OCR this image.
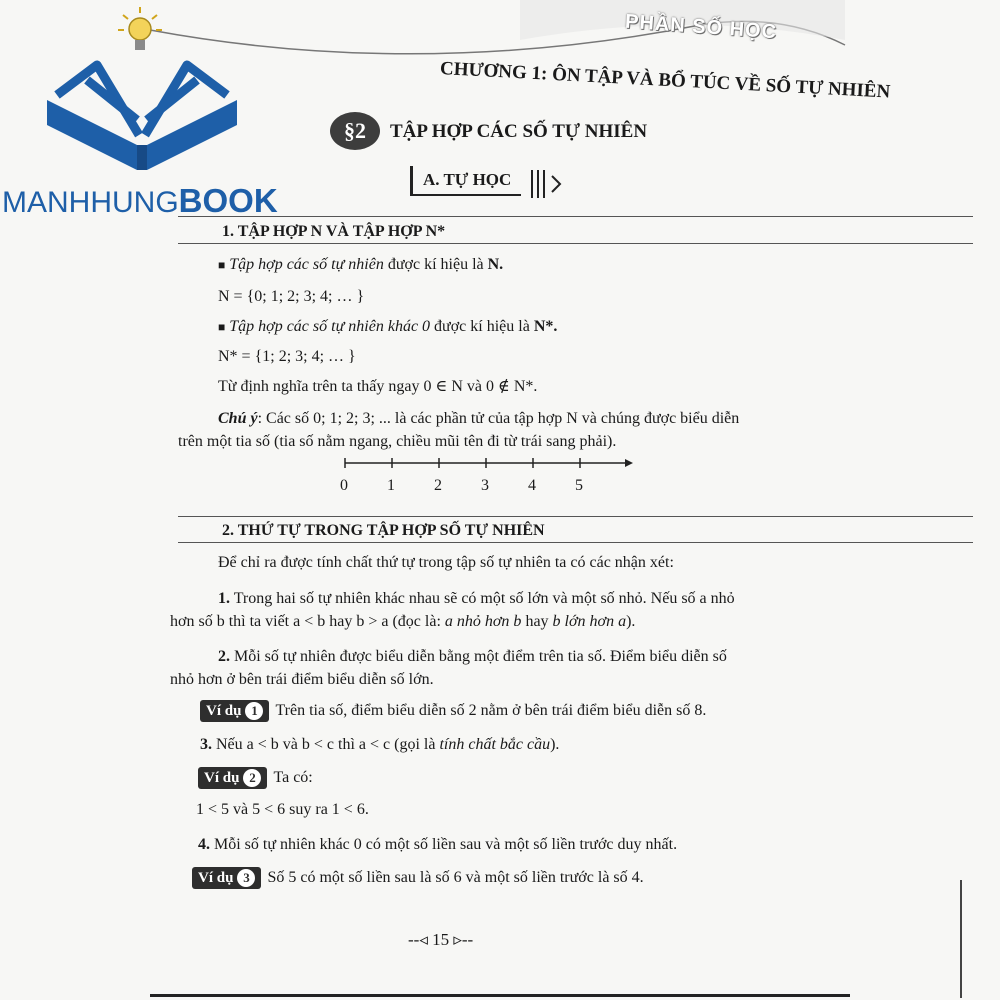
MANHHUNGBOOK
PHẦN SỐ HỌC
CHƯƠNG 1: ÔN TẬP VÀ BỔ TÚC VỀ SỐ TỰ NHIÊN
§2	TẬP HỢP CÁC SỐ TỰ NHIÊN
A. TỰ HỌC
1. TẬP HỢP N VÀ TẬP HỢP N*
■ Tập hợp các số tự nhiên được kí hiệu là N.
N = {0; 1; 2; 3; 4; … }
■ Tập hợp các số tự nhiên khác 0 được kí hiệu là N*.
N* = {1; 2; 3; 4; … }
Từ định nghĩa trên ta thấy ngay 0 ∈ N và 0 ∉ N*.
Chú ý: Các số 0; 1; 2; 3; ... là các phần tử của tập hợp N và chúng được biểu diễn
trên một tia số (tia số nằm ngang, chiều mũi tên đi từ trái sang phải).
0 1 2 3 4 5
2. THỨ TỰ TRONG TẬP HỢP SỐ TỰ NHIÊN
Để chỉ ra được tính chất thứ tự trong tập số tự nhiên ta có các nhận xét:
1. Trong hai số tự nhiên khác nhau sẽ có một số lớn và một số nhỏ. Nếu số a nhỏ
hơn số b thì ta viết a < b hay b > a (đọc là: a nhỏ hơn b hay b lớn hơn a).
2. Mỗi số tự nhiên được biểu diễn bằng một điểm trên tia số. Điểm biểu diễn số
nhỏ hơn ở bên trái điểm biểu diễn số lớn.
Ví dụ 1 Trên tia số, điểm biểu diễn số 2 nằm ở bên trái điểm biểu diễn số 8.
3. Nếu a < b và b < c thì a < c (gọi là tính chất bắc cầu).
Ví dụ 2 Ta có:
1 < 5 và 5 < 6 suy ra 1 < 6.
4. Mỗi số tự nhiên khác 0 có một số liền sau và một số liền trước duy nhất.
Ví dụ 3 Số 5 có một số liền sau là số 6 và một số liền trước là số 4.
--◃ 15 ▹--
